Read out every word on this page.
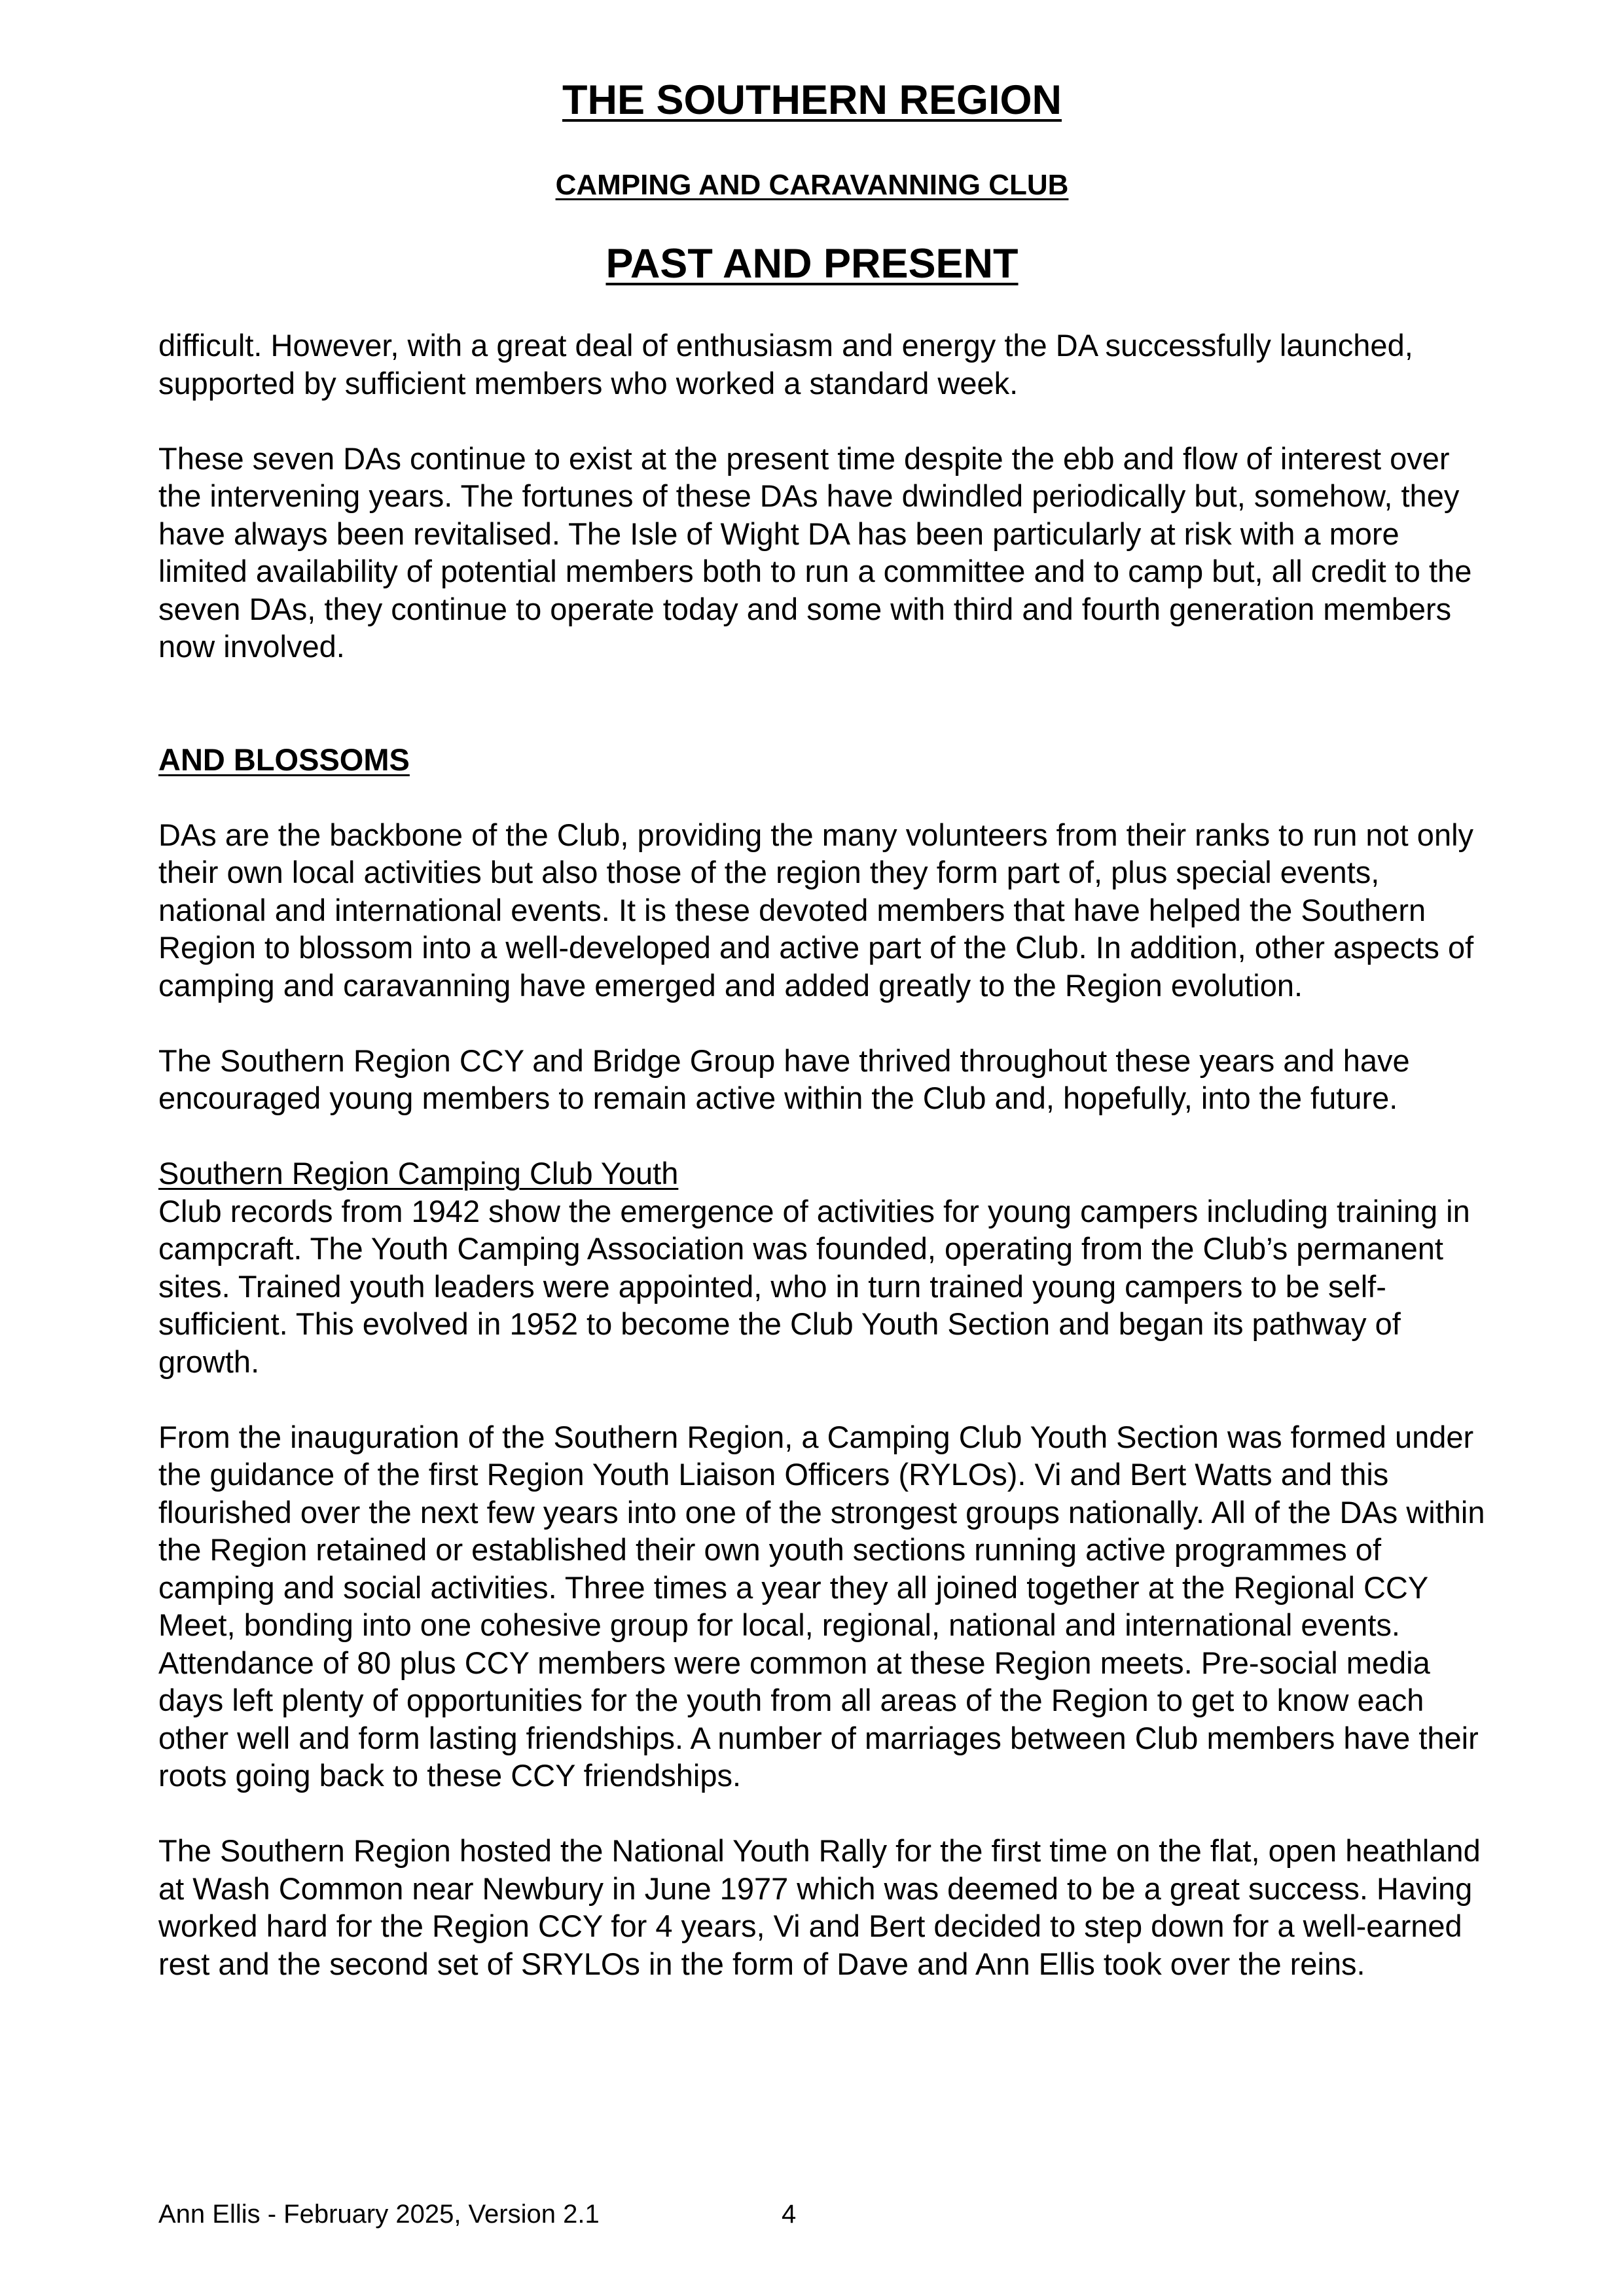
THE SOUTHERN REGION
CAMPING AND CARAVANNING CLUB
PAST AND PRESENT

difficult. However, with a great deal of enthusiasm and energy the DA successfully launched, supported by sufficient members who worked a standard week.

These seven DAs continue to exist at the present time despite the ebb and flow of interest over the intervening years. The fortunes of these DAs have dwindled periodically but, somehow, they have always been revitalised. The Isle of Wight DA has been particularly at risk with a more limited availability of potential members both to run a committee and to camp but, all credit to the seven DAs, they continue to operate today and some with third and fourth generation members now involved.

AND BLOSSOMS

DAs are the backbone of the Club, providing the many volunteers from their ranks to run not only their own local activities but also those of the region they form part of, plus special events, national and international events. It is these devoted members that have helped the Southern Region to blossom into a well-developed and active part of the Club. In addition, other aspects of camping and caravanning have emerged and added greatly to the Region evolution.

The Southern Region CCY and Bridge Group have thrived throughout these years and have encouraged young members to remain active within the Club and, hopefully, into the future.

Southern Region Camping Club Youth
Club records from 1942 show the emergence of activities for young campers including training in campcraft. The Youth Camping Association was founded, operating from the Club’s permanent sites. Trained youth leaders were appointed, who in turn trained young campers to be self-sufficient. This evolved in 1952 to become the Club Youth Section and began its pathway of growth.

From the inauguration of the Southern Region, a Camping Club Youth Section was formed under the guidance of the first Region Youth Liaison Officers (RYLOs). Vi and Bert Watts and this flourished over the next few years into one of the strongest groups nationally. All of the DAs within the Region retained or established their own youth sections running active programmes of camping and social activities. Three times a year they all joined together at the Regional CCY Meet, bonding into one cohesive group for local, regional, national and international events. Attendance of 80 plus CCY members were common at these Region meets. Pre-social media days left plenty of opportunities for the youth from all areas of the Region to get to know each other well and form lasting friendships. A number of marriages between Club members have their roots going back to these CCY friendships.

The Southern Region hosted the National Youth Rally for the first time on the flat, open heathland at Wash Common near Newbury in June 1977 which was deemed to be a great success. Having worked hard for the Region CCY for 4 years, Vi and Bert decided to step down for a well-earned rest and the second set of SRYLOs in the form of Dave and Ann Ellis took over the reins.

Ann Ellis - February 2025, Version 2.1	4
